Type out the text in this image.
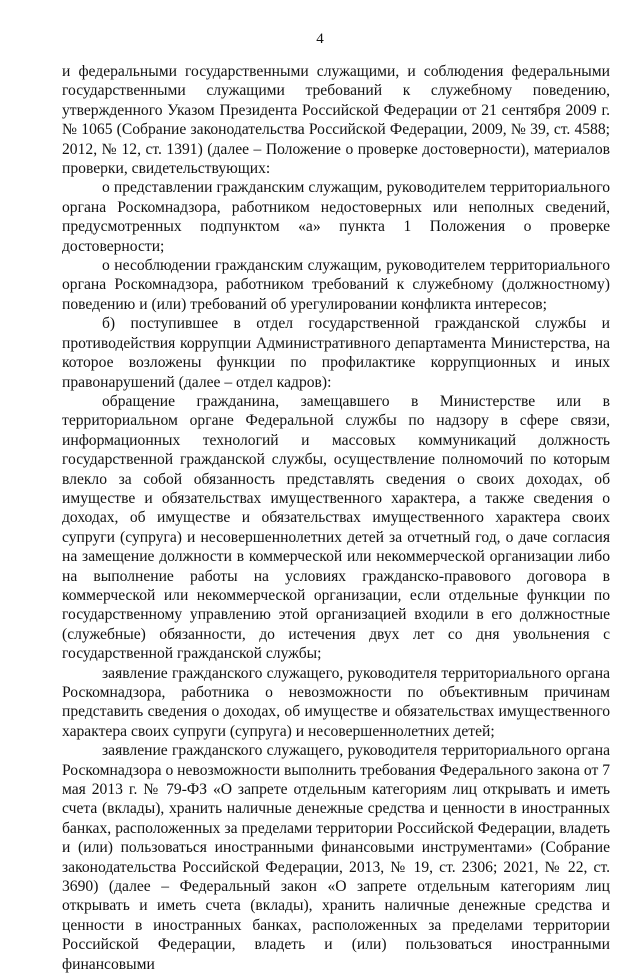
4

и федеральными государственными служащими, и соблюдения федеральными государственными служащими требований к служебному поведению, утвержденного Указом Президента Российской Федерации от 21 сентября 2009 г. № 1065 (Собрание законодательства Российской Федерации, 2009, № 39, ст. 4588; 2012, № 12, ст. 1391) (далее – Положение о проверке достоверности), материалов проверки, свидетельствующих:

о представлении гражданским служащим, руководителем территориального органа Роскомнадзора, работником недостоверных или неполных сведений, предусмотренных подпунктом «а» пункта 1 Положения о проверке достоверности;

о несоблюдении гражданским служащим, руководителем территориального органа Роскомнадзора, работником требований к служебному (должностному) поведению и (или) требований об урегулировании конфликта интересов;

б) поступившее в отдел государственной гражданской службы и противодействия коррупции Административного департамента Министерства, на которое возложены функции по профилактике коррупционных и иных правонарушений (далее – отдел кадров):

обращение гражданина, замещавшего в Министерстве или в территориальном органе Федеральной службы по надзору в сфере связи, информационных технологий и массовых коммуникаций должность государственной гражданской службы, осуществление полномочий по которым влекло за собой обязанность представлять сведения о своих доходах, об имуществе и обязательствах имущественного характера, а также сведения о доходах, об имуществе и обязательствах имущественного характера своих супруги (супруга) и несовершеннолетних детей за отчетный год, о даче согласия на замещение должности в коммерческой или некоммерческой организации либо на выполнение работы на условиях гражданско-правового договора в коммерческой или некоммерческой организации, если отдельные функции по государственному управлению этой организацией входили в его должностные (служебные) обязанности, до истечения двух лет со дня увольнения с государственной гражданской службы;

заявление гражданского служащего, руководителя территориального органа Роскомнадзора, работника о невозможности по объективным причинам представить сведения о доходах, об имуществе и обязательствах имущественного характера своих супруги (супруга) и несовершеннолетних детей;

заявление гражданского служащего, руководителя территориального органа Роскомнадзора о невозможности выполнить требования Федерального закона от 7 мая 2013 г. № 79-ФЗ «О запрете отдельным категориям лиц открывать и иметь счета (вклады), хранить наличные денежные средства и ценности в иностранных банках, расположенных за пределами территории Российской Федерации, владеть и (или) пользоваться иностранными финансовыми инструментами» (Собрание законодательства Российской Федерации, 2013, № 19, ст. 2306; 2021, № 22, ст. 3690) (далее – Федеральный закон «О запрете отдельным категориям лиц открывать и иметь счета (вклады), хранить наличные денежные средства и ценности в иностранных банках, расположенных за пределами территории Российской Федерации, владеть и (или) пользоваться иностранными финансовыми
